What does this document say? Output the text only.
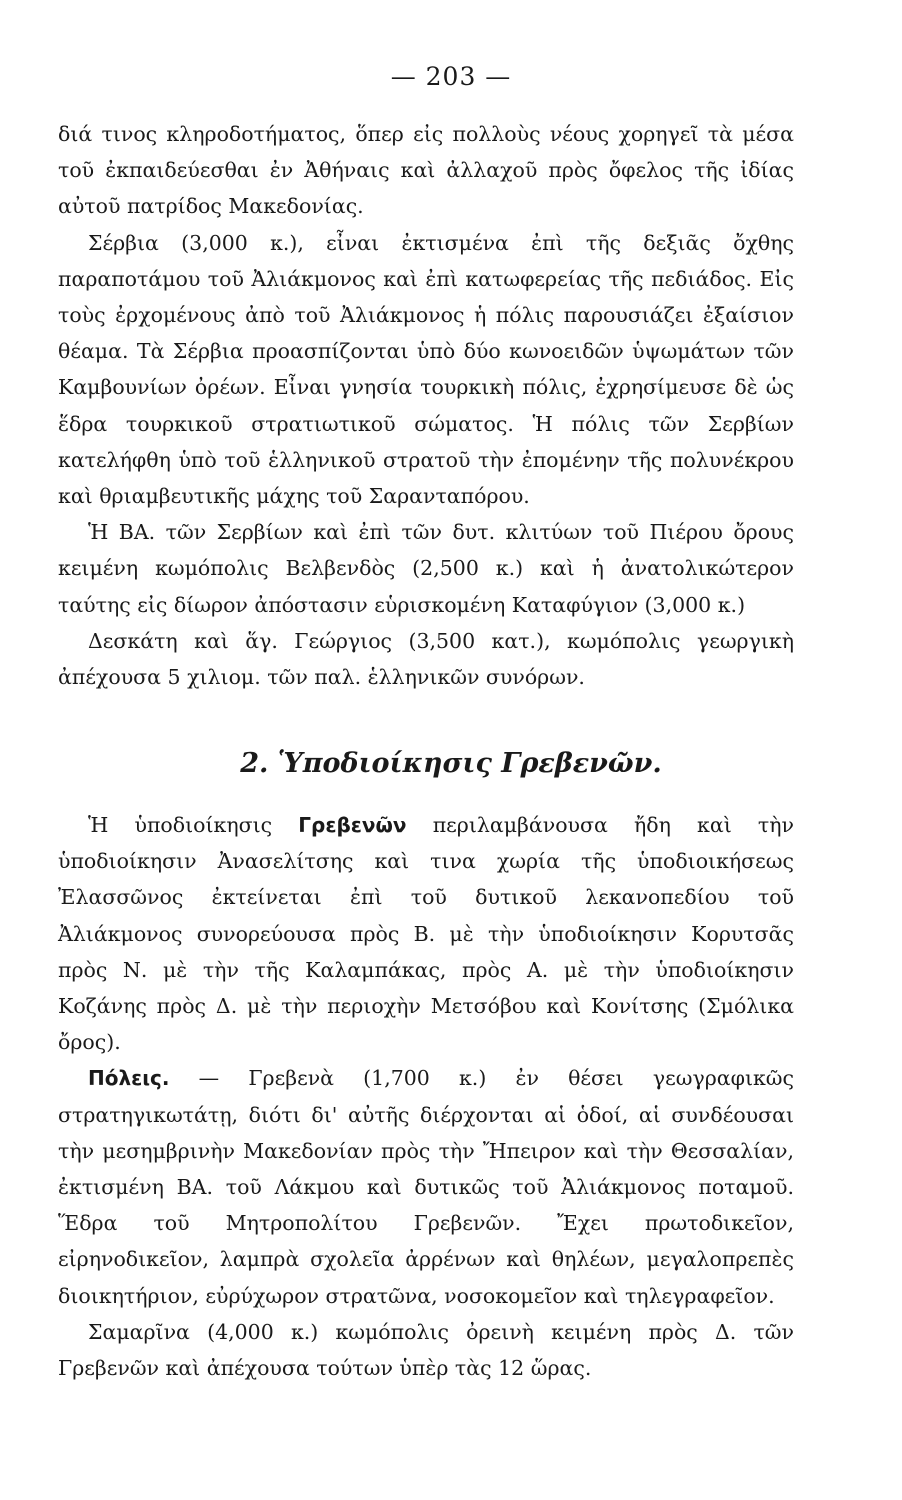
— 203 —

διά τινος κληροδοτήματος, ὅπερ εἰς πολλοὺς νέους χορηγεῖ τὰ μέσα τοῦ ἐκπαιδεύεσθαι ἐν Ἀθήναις καὶ ἀλλαχοῦ πρὸς ὄφελος τῆς ἰδίας αὐτοῦ πατρίδος Μακεδονίας.

Σέρβια (3,000 κ.), εἶναι ἐκτισμένα ἐπὶ τῆς δεξιᾶς ὄχθης παραποτάμου τοῦ Ἀλιάκμονος καὶ ἐπὶ κατωφερείας τῆς πεδιάδος. Εἰς τοὺς ἐρχομένους ἀπὸ τοῦ Ἀλιάκμονος ἡ πόλις παρουσιάζει ἐξαίσιον θέαμα. Τὰ Σέρβια προασπίζονται ὑπὸ δύο κωνοειδῶν ὑψωμάτων τῶν Καμβουνίων ὀρέων. Εἶναι γνησία τουρκικὴ πόλις, ἐχρησίμευσε δὲ ὡς ἕδρα τουρκικοῦ στρατιωτικοῦ σώματος. Ἡ πόλις τῶν Σερβίων κατελήφθη ὑπὸ τοῦ ἑλληνικοῦ στρατοῦ τὴν ἐπομένην τῆς πολυνέκρου καὶ θριαμβευτικῆς μάχης τοῦ Σαρανταπόρου.

Ἡ ΒΑ. τῶν Σερβίων καὶ ἐπὶ τῶν δυτ. κλιτύων τοῦ Πιέρου ὄρους κειμένη κωμόπολις Βελβενδὸς (2,500 κ.) καὶ ἡ ἀνατολικώτερον ταύτης εἰς δίωρον ἀπόστασιν εὑρισκομένη Καταφύγιον (3,000 κ.)

Δεσκάτη καὶ ἅγ. Γεώργιος (3,500 κατ.), κωμόπολις γεωργικὴ ἀπέχουσα 5 χιλιομ. τῶν παλ. ἑλληνικῶν συνόρων.

2. Ὑποδιοίκησις Γρεβενῶν.

Ἡ ὑποδιοίκησις Γρεβενῶν περιλαμβάνουσα ἤδη καὶ τὴν ὑποδιοίκησιν Ἀνασελίτσης καὶ τινα χωρία τῆς ὑποδιοικήσεως Ἐλασσῶνος ἐκτείνεται ἐπὶ τοῦ δυτικοῦ λεκανοπεδίου τοῦ Ἀλιάκμονος συνορεύουσα πρὸς Β. μὲ τὴν ὑποδιοίκησιν Κορυτσᾶς πρὸς Ν. μὲ τὴν τῆς Καλαμπάκας, πρὸς Α. μὲ τὴν ὑποδιοίκησιν Κοζάνης πρὸς Δ. μὲ τὴν περιοχὴν Μετσόβου καὶ Κονίτσης (Σμόλικα ὄρος).

Πόλεις. — Γρεβενὰ (1,700 κ.) ἐν θέσει γεωγραφικῶς στρατηγικωτάτῃ, διότι δι' αὐτῆς διέρχονται αἱ ὁδοί, αἱ συνδέουσαι τὴν μεσημβρινὴν Μακεδονίαν πρὸς τὴν Ἤπειρον καὶ τὴν Θεσσαλίαν, ἐκτισμένη ΒΑ. τοῦ Λάκμου καὶ δυτικῶς τοῦ Ἀλιάκμονος ποταμοῦ. Ἕδρα τοῦ Μητροπολίτου Γρεβενῶν. Ἔχει πρωτοδικεῖον, εἰρηνοδικεῖον, λαμπρὰ σχολεῖα ἀρρένων καὶ θηλέων, μεγαλοπρεπὲς διοικητήριον, εὐρύχωρον στρατῶνα, νοσοκομεῖον καὶ τηλεγραφεῖον.

Σαμαρῖνα (4,000 κ.) κωμόπολις ὀρεινὴ κειμένη πρὸς Δ. τῶν Γρεβενῶν καὶ ἀπέχουσα τούτων ὑπὲρ τὰς 12 ὥρας.
